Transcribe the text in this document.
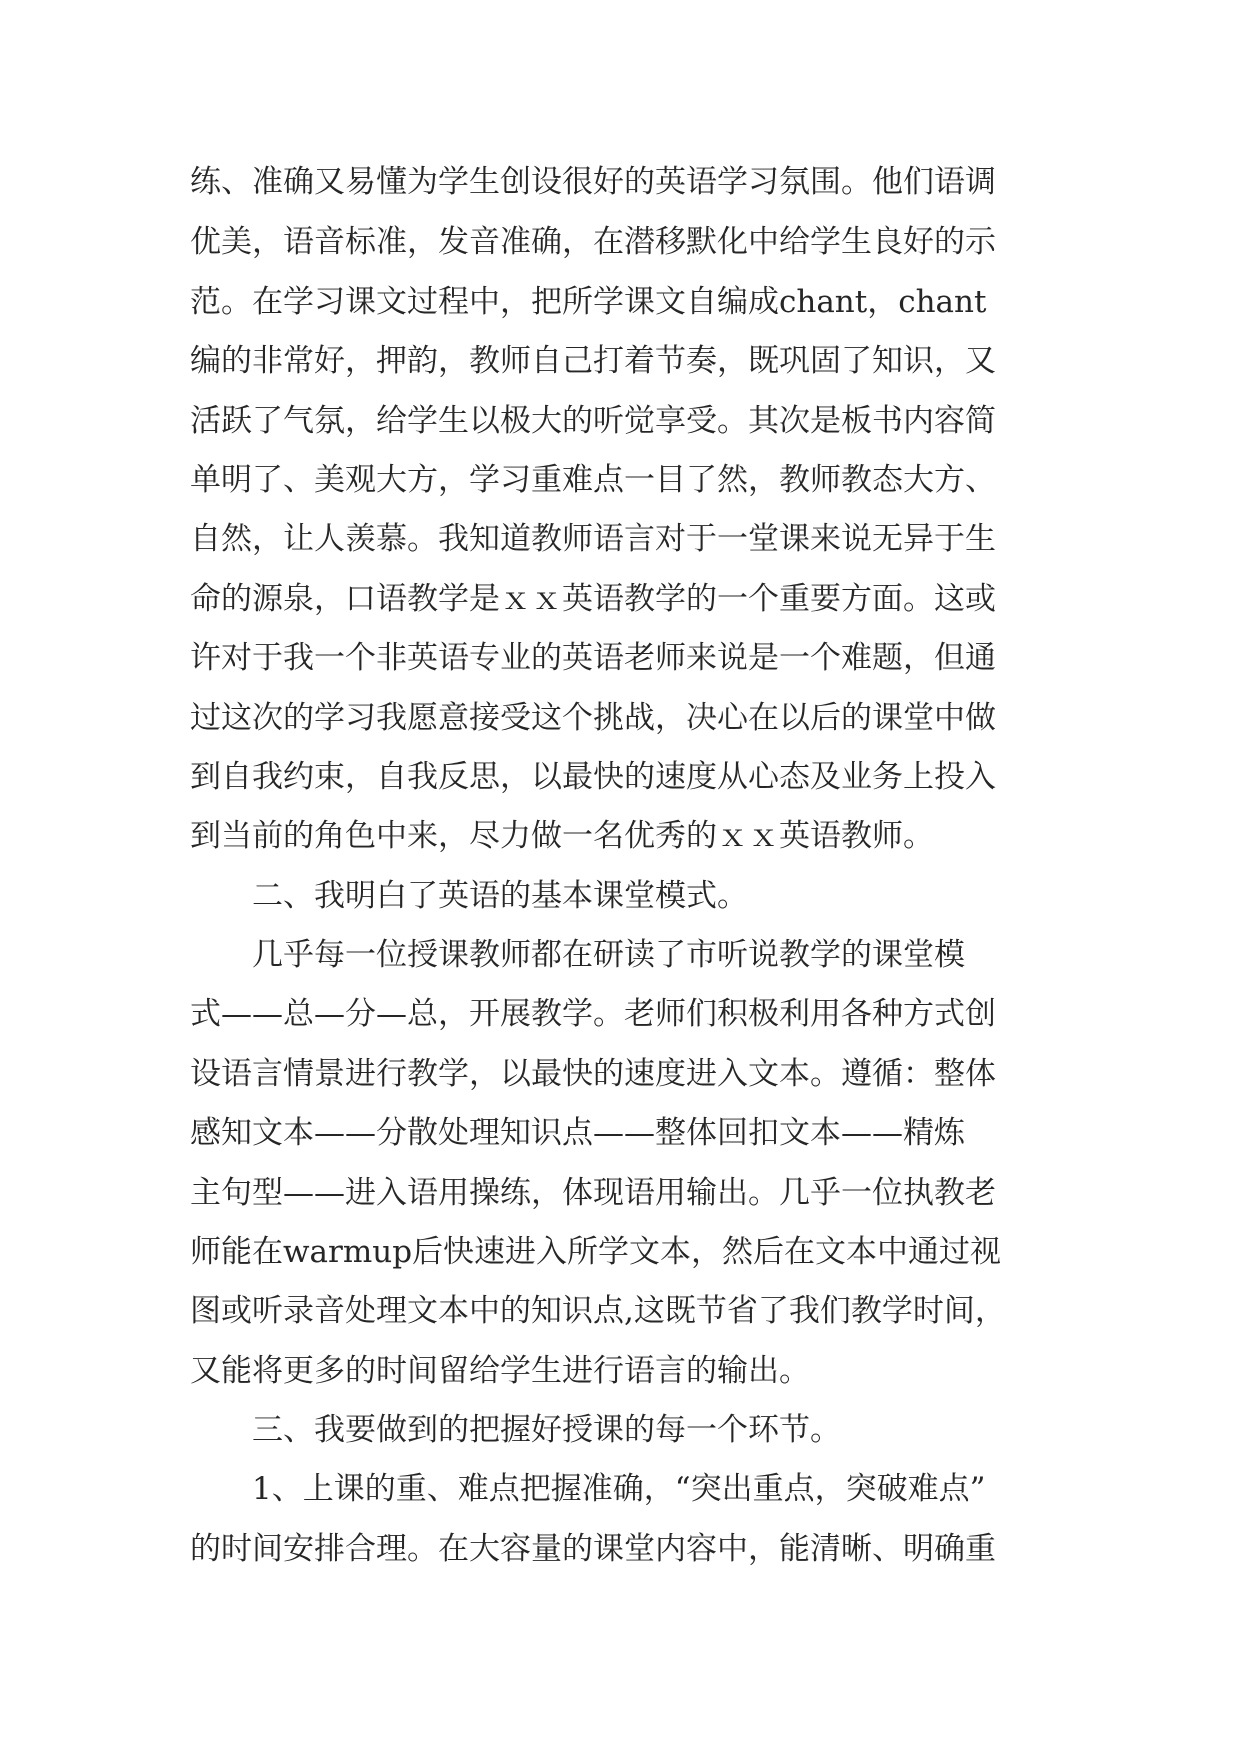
练、准确又易懂为学生创设很好的英语学习氛围。他们语调
优美，语音标准，发音准确，在潜移默化中给学生良好的示
范。在学习课文过程中，把所学课文自编成chant，chant
编的非常好，押韵，教师自己打着节奏，既巩固了知识，又
活跃了气氛，给学生以极大的听觉享受。其次是板书内容简
单明了、美观大方，学习重难点一目了然，教师教态大方、
自然，让人羡慕。我知道教师语言对于一堂课来说无异于生
命的源泉，口语教学是ｘｘ英语教学的一个重要方面。这或
许对于我一个非英语专业的英语老师来说是一个难题，但通
过这次的学习我愿意接受这个挑战，决心在以后的课堂中做
到自我约束，自我反思，以最快的速度从心态及业务上投入
到当前的角色中来，尽力做一名优秀的ｘｘ英语教师。
二、我明白了英语的基本课堂模式。
几乎每一位授课教师都在研读了市听说教学的课堂模
式——总—分—总，开展教学。老师们积极利用各种方式创
设语言情景进行教学，以最快的速度进入文本。遵循：整体
感知文本——分散处理知识点——整体回扣文本——精炼
主句型——进入语用操练，体现语用输出。几乎一位执教老
师能在warmup后快速进入所学文本，然后在文本中通过视
图或听录音处理文本中的知识点,这既节省了我们教学时间，
又能将更多的时间留给学生进行语言的输出。
三、我要做到的把握好授课的每一个环节。
1、上课的重、难点把握准确，“突出重点，突破难点”
的时间安排合理。在大容量的课堂内容中，能清晰、明确重
